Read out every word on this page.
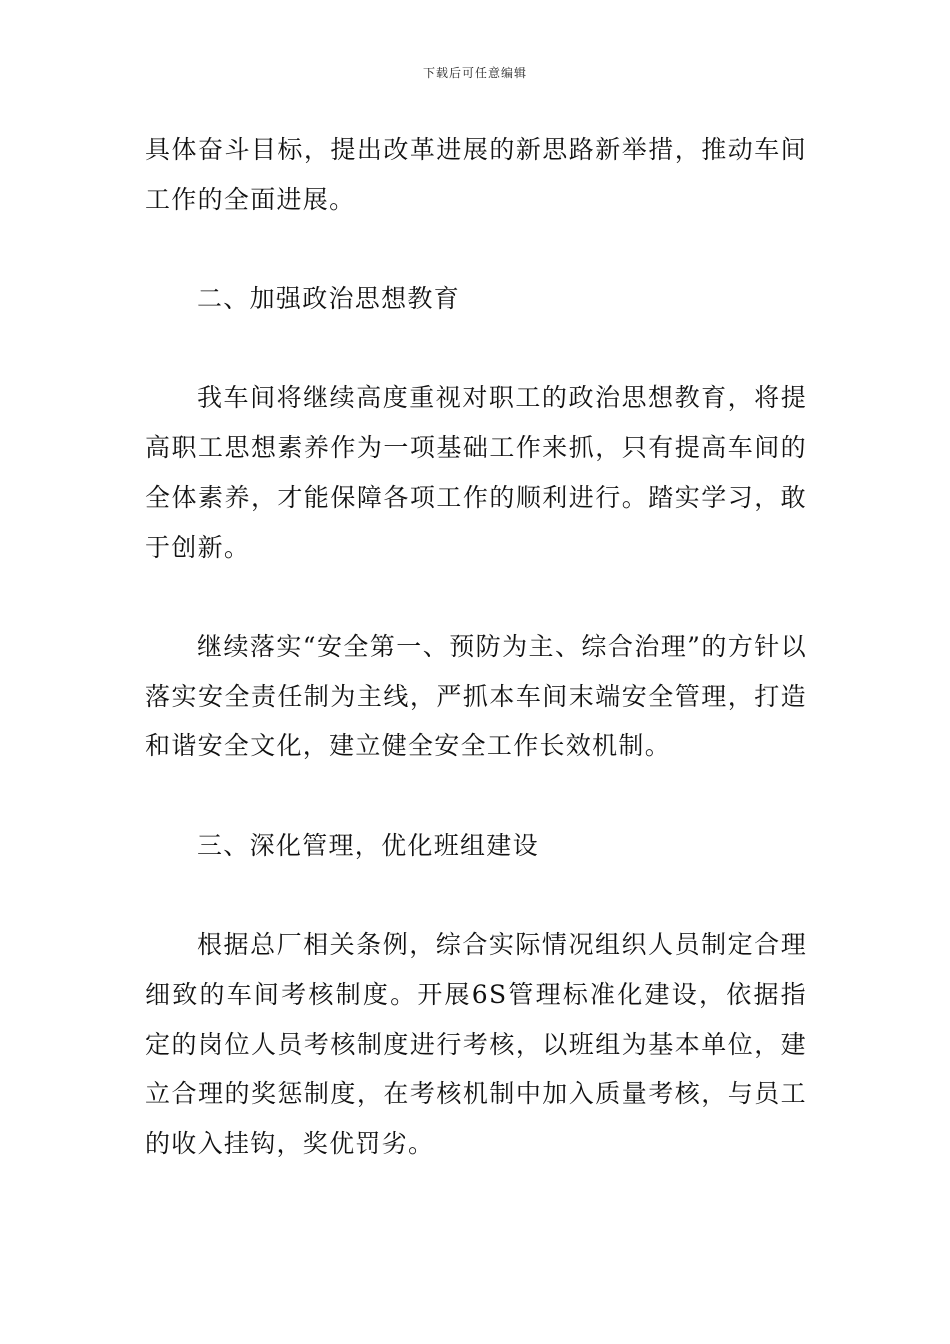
下载后可任意编辑

具体奋斗目标，提出改革进展的新思路新举措，推动车间工作的全面进展。

二、加强政治思想教育

我车间将继续高度重视对职工的政治思想教育，将提高职工思想素养作为一项基础工作来抓，只有提高车间的全体素养，才能保障各项工作的顺利进行。踏实学习，敢于创新。

继续落实“安全第一、预防为主、综合治理”的方针以落实安全责任制为主线，严抓本车间末端安全管理，打造和谐安全文化，建立健全安全工作长效机制。

三、深化管理，优化班组建设

根据总厂相关条例，综合实际情况组织人员制定合理细致的车间考核制度。开展6S管理标准化建设，依据指定的岗位人员考核制度进行考核，以班组为基本单位，建立合理的奖惩制度，在考核机制中加入质量考核，与员工的收入挂钩，奖优罚劣。
